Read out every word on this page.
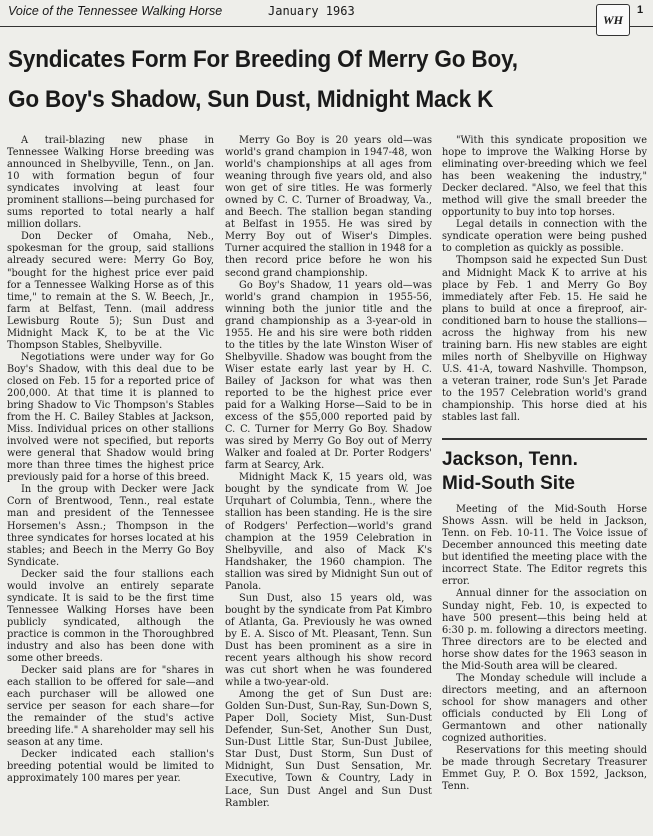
Voice of the Tennessee Walking Horse	January 1963
WH
1
Syndicates Form For Breeding Of Merry Go Boy,
Go Boy's Shadow, Sun Dust, Midnight Mack K

A trail-blazing new phase in Tennessee Walking Horse breeding was announced in Shelbyville, Tenn., on Jan. 10 with formation begun of four syndicates involving at least four prominent stallions—being purchased for sums reported to total nearly a half million dollars.

Don Decker of Omaha, Neb., spokesman for the group, said stallions already secured were: Merry Go Boy, "bought for the highest price ever paid for a Tennessee Walking Horse as of this time," to remain at the S. W. Beech, Jr., farm at Belfast, Tenn. (mail address Lewisburg Route 5); Sun Dust and Midnight Mack K, to be at the Vic Thompson Stables, Shelbyville.

Negotiations were under way for Go Boy's Shadow, with this deal due to be closed on Feb. 15 for a reported price of 200,000. At that time it is planned to bring Shadow to Vic Thompson's Stables from the H. C. Bailey Stables at Jackson, Miss. Individual prices on other stallions involved were not specified, but reports were general that Shadow would bring more than three times the highest price previously paid for a horse of this breed.

In the group with Decker were Jack Corn of Brentwood, Tenn., real estate man and president of the Tennessee Horsemen's Assn.; Thompson in the three syndicates for horses located at his stables; and Beech in the Merry Go Boy Syndicate.

Decker said the four stallions each would involve an entirely separate syndicate. It is said to be the first time Tennessee Walking Horses have been publicly syndicated, although the practice is common in the Thoroughbred industry and also has been done with some other breeds.

Decker said plans are for "shares in each stallion to be offered for sale—and each purchaser will be allowed one service per season for each share—for the remainder of the stud's active breeding life." A shareholder may sell his season at any time.

Decker indicated each stallion's breeding potential would be limited to approximately 100 mares per year.

Merry Go Boy is 20 years old—was world's grand champion in 1947-48, won world's championships at all ages from weaning through five years old, and also won get of sire titles. He was formerly owned by C. C. Turner of Broadway, Va., and Beech. The stallion began standing at Belfast in 1955. He was sired by Merry Boy out of Wiser's Dimples. Turner acquired the stallion in 1948 for a then record price before he won his second grand championship.

Go Boy's Shadow, 11 years old—was world's grand champion in 1955-56, winning both the junior title and the grand championship as a 3-year-old in 1955. He and his sire were both ridden to the titles by the late Winston Wiser of Shelbyville. Shadow was bought from the Wiser estate early last year by H. C. Bailey of Jackson for what was then reported to be the highest price ever paid for a Walking Horse—Said to be in excess of the $55,000 reported paid by C. C. Turner for Merry Go Boy. Shadow was sired by Merry Go Boy out of Merry Walker and foaled at Dr. Porter Rodgers' farm at Searcy, Ark.

Midnight Mack K, 15 years old, was bought by the syndicate from W. Joe Urquhart of Columbia, Tenn., where the stallion has been standing. He is the sire of Rodgers' Perfection—world's grand champion at the 1959 Celebration in Shelbyville, and also of Mack K's Handshaker, the 1960 champion. The stallion was sired by Midnight Sun out of Panola.

Sun Dust, also 15 years old, was bought by the syndicate from Pat Kimbro of Atlanta, Ga. Previously he was owned by E. A. Sisco of Mt. Pleasant, Tenn. Sun Dust has been prominent as a sire in recent years although his show record was cut short when he was foundered while a two-year-old.

Among the get of Sun Dust are: Golden Sun-Dust, Sun-Ray, Sun-Down S, Paper Doll, Society Mist, Sun-Dust Defender, Sun-Set, Another Sun Dust, Sun-Dust Little Star, Sun-Dust Jubilee, Star Dust, Dust Storm, Sun Dust of Midnight, Sun Dust Sensation, Mr. Executive, Town & Country, Lady in Lace, Sun Dust Angel and Sun Dust Rambler.

"With this syndicate proposition we hope to improve the Walking Horse by eliminating over-breeding which we feel has been weakening the industry," Decker declared. "Also, we feel that this method will give the small breeder the opportunity to buy into top horses.

Legal details in connection with the syndicate operation were being pushed to completion as quickly as possible.

Thompson said he expected Sun Dust and Midnight Mack K to arrive at his place by Feb. 1 and Merry Go Boy immediately after Feb. 15. He said he plans to build at once a fireproof, air-conditioned barn to house the stallions—across the highway from his new training barn. His new stables are eight miles north of Shelbyville on Highway U.S. 41-A, toward Nashville. Thompson, a veteran trainer, rode Sun's Jet Parade to the 1957 Celebration world's grand championship. This horse died at his stables last fall.

Jackson, Tenn.
Mid-South Site

Meeting of the Mid-South Horse Shows Assn. will be held in Jackson, Tenn. on Feb. 10-11. The Voice issue of December announced this meeting date but identified the meeting place with the incorrect State. The Editor regrets this error.

Annual dinner for the association on Sunday night, Feb. 10, is expected to have 500 present—this being held at 6:30 p. m. following a directors meeting. Three directors are to be elected and horse show dates for the 1963 season in the Mid-South area will be cleared.

The Monday schedule will include a directors meeting, and an afternoon school for show managers and other officials conducted by Eli Long of Germantown and other nationally cognized authorities.

Reservations for this meeting should be made through Secretary Treasurer Emmet Guy, P. O. Box 1592, Jackson, Tenn.
